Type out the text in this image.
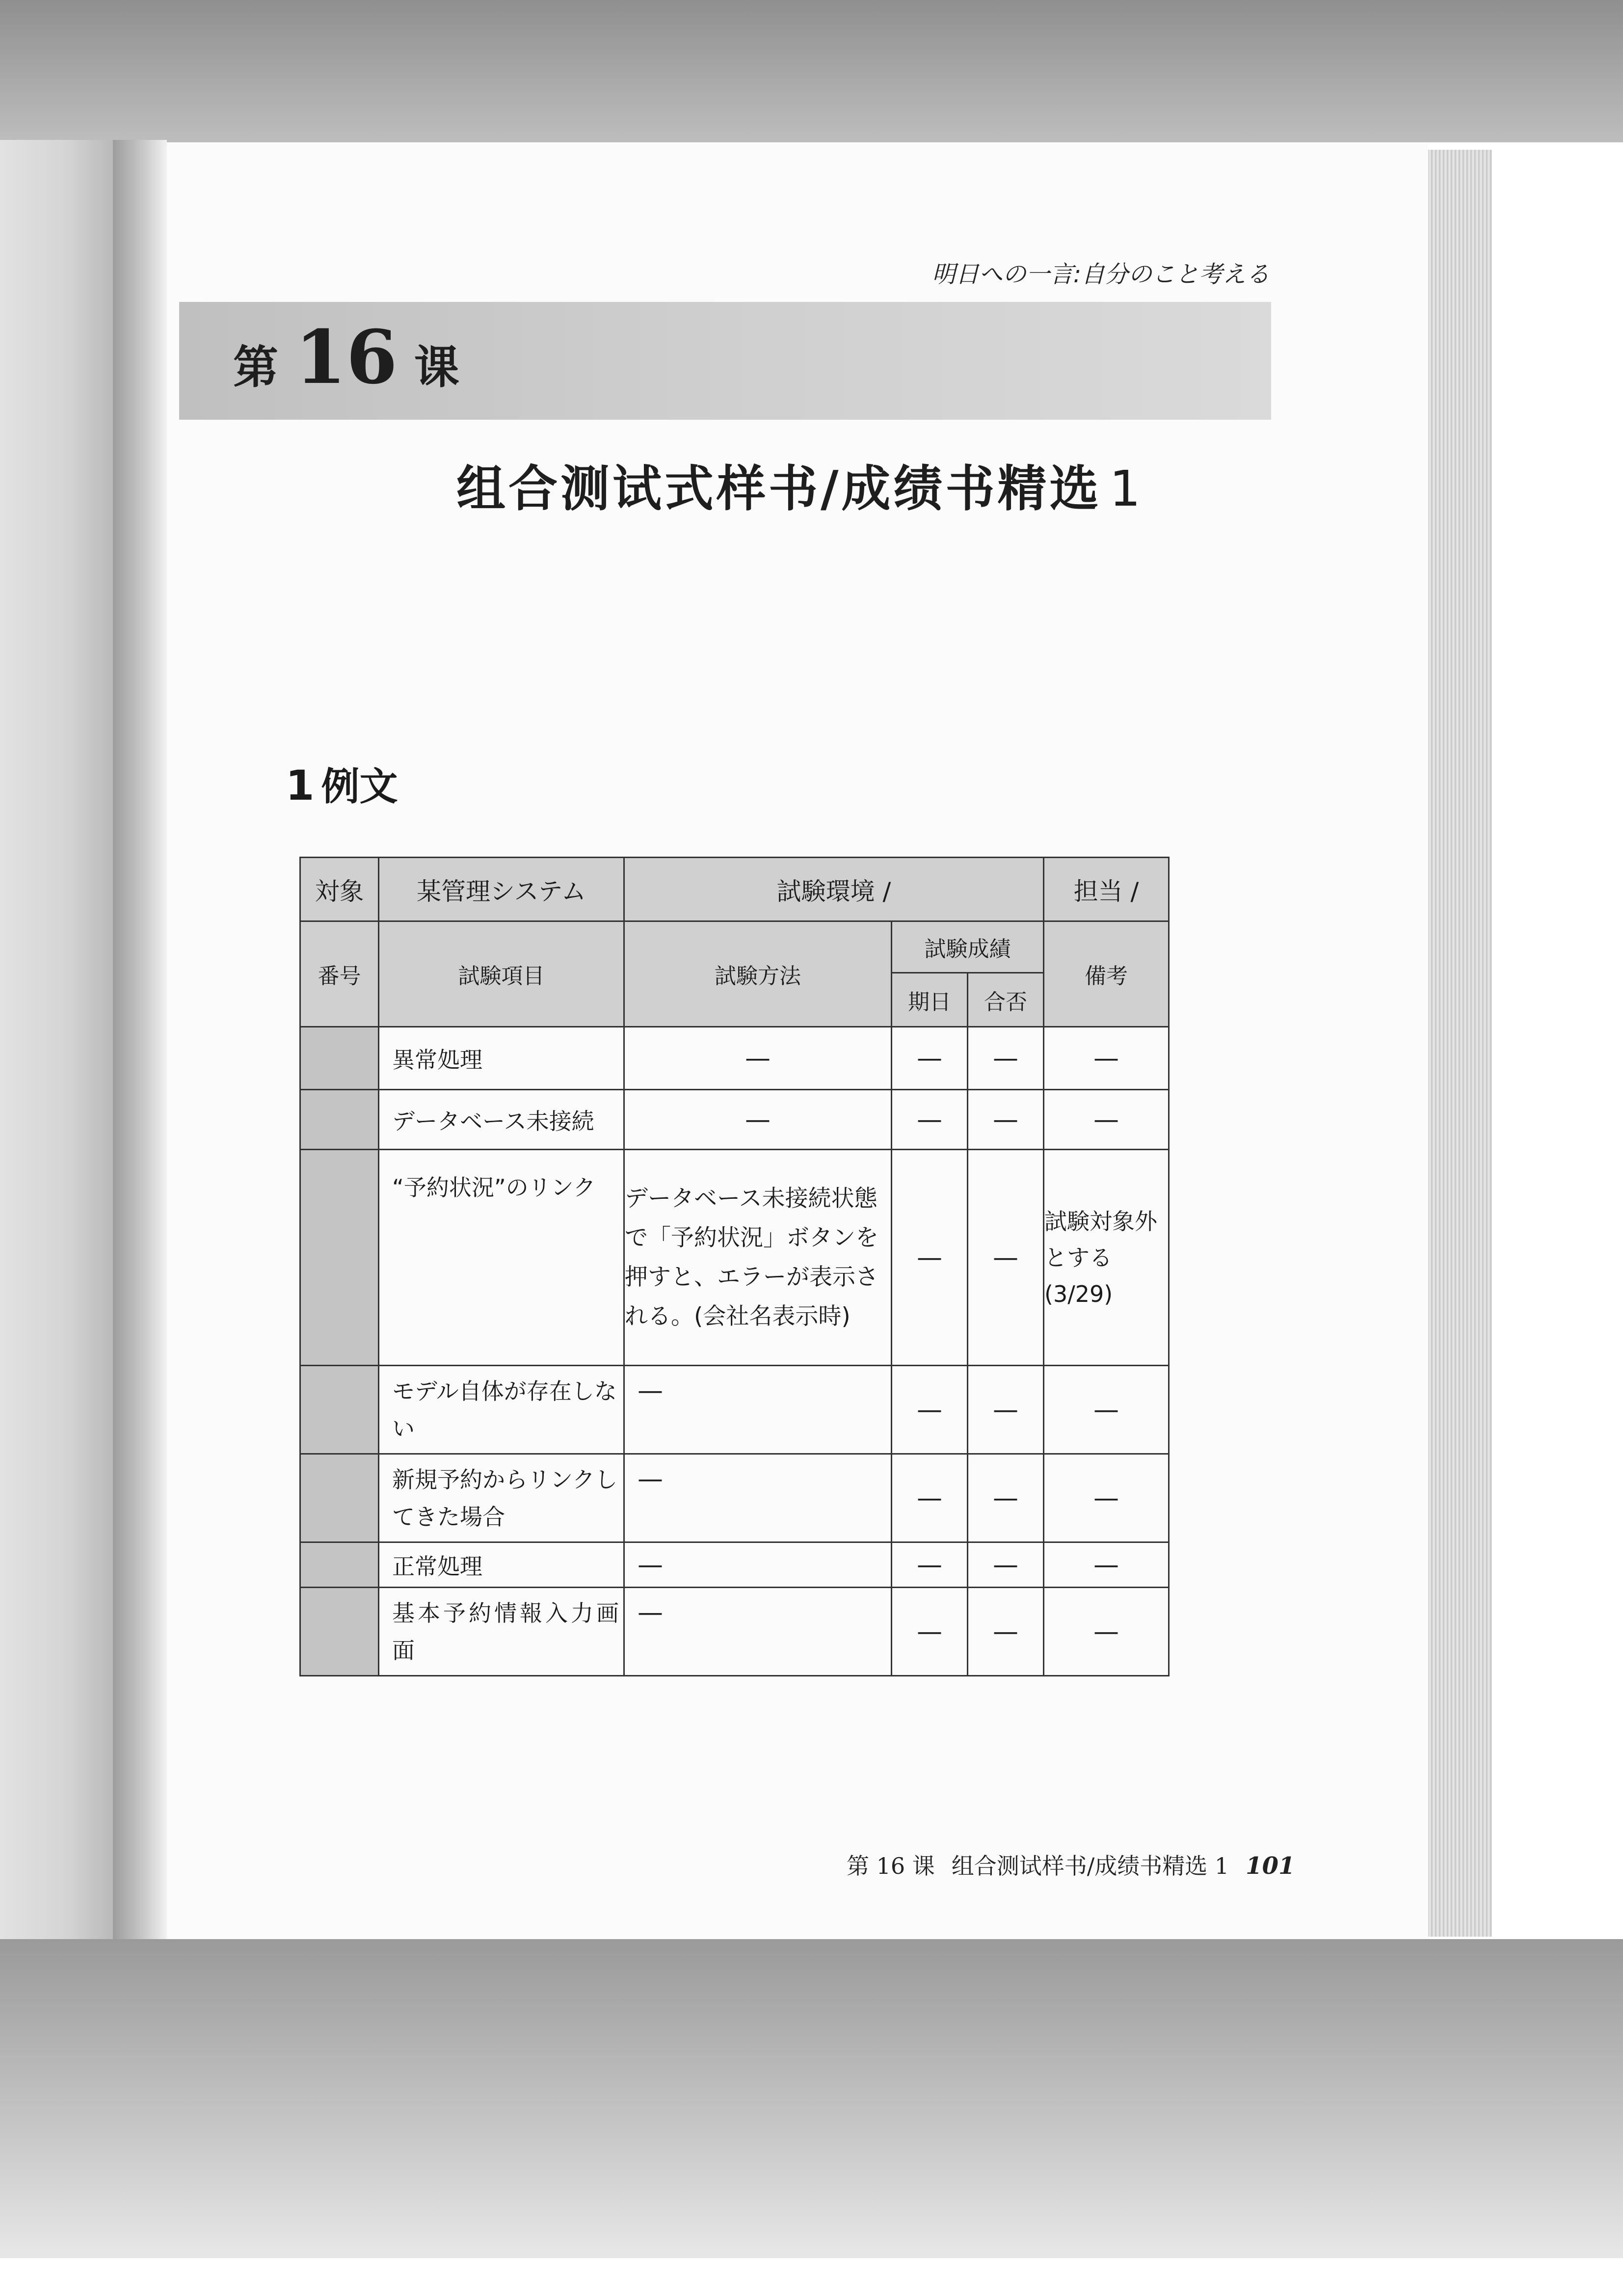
明日への一言:自分のこと考える
第 16 课
组合测试式样书/成绩书精选 1
1 例文
対象	某管理システム	試験環境 /			担当 /
番号	試験項目	試験方法	試験成績		備考
			期日	合否	
	異常処理	—	—	—	—
	データベース未接続	—	—	—	—
	“予約状況”のリンク	データベース未接続状態で「予約状況」ボタンを押すと、エラーが表示される。(会社名表示時)	—	—	試験対象外とする(3/29)
	モデル自体が存在しない	—	—	—	—
	新規予約からリンクしてきた場合	—	—	—	—
	正常処理	—	—	—	—
	基本予約情報入力画面	—	—	—	—
第 16 课 组合测试样书/成绩书精选 1 101
